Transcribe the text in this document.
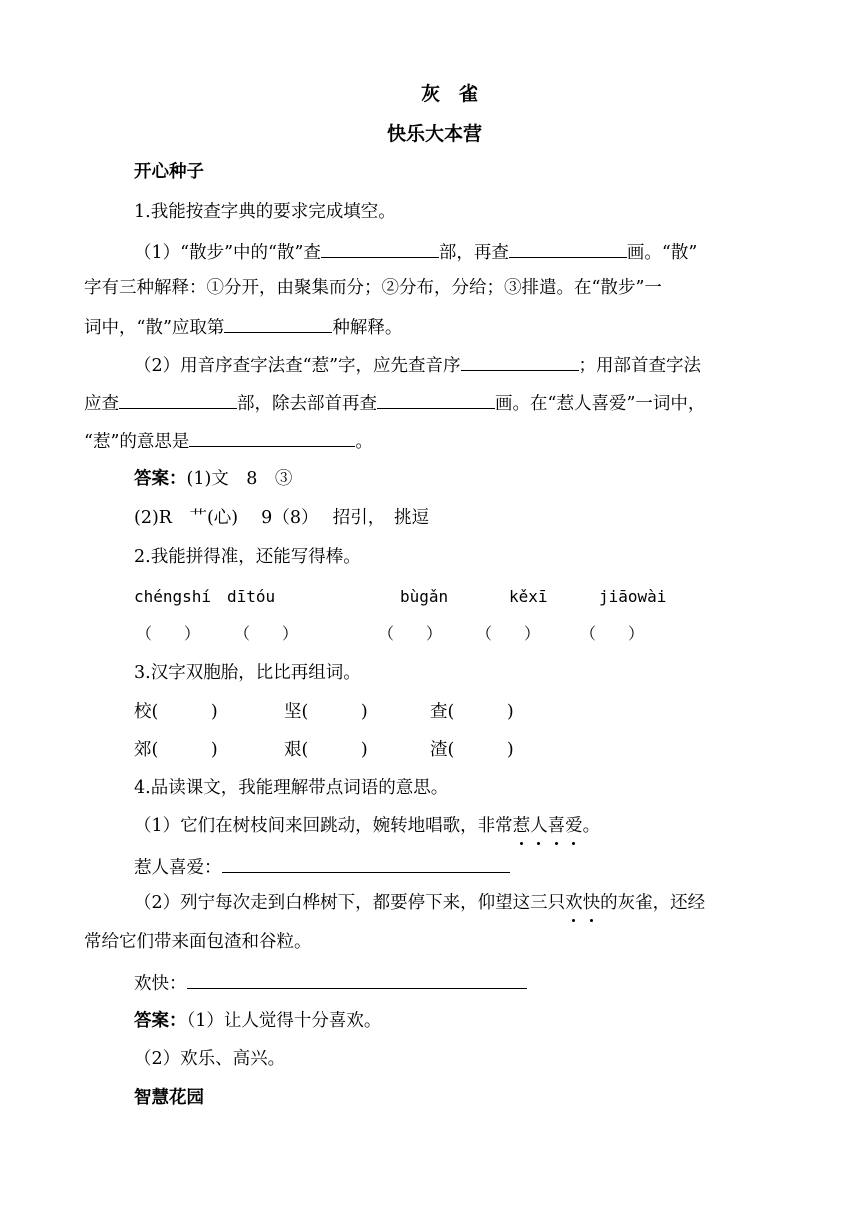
灰　雀
快乐大本营
开心种子
1.我能按查字典的要求完成填空。
（1）“散步”中的“散”查	部，再查	画。“散”
字有三种解释：①分开，由聚集而分；②分布，分给；③排遣。在“散步”一
词中，“散”应取第	种解释。
（2）用音序查字法查“惹”字，应先查音序	；用部首查字法
应查	部，除去部首再查	画。在“惹人喜爱”一词中，
“惹”的意思是	。
答案：(1)文　8　③
(2)R　艹(心)　 9（8）　 招引，　挑逗
2.我能拼得准，还能写得棒。
chéngshí dītóu	bùgǎn	kěxī	jiāowài
（　　） （　　）	（　　） （　　） （　　）
3.汉字双胞胎，比比再组词。
校(　　　)	坚(　　　)	查(　　　)
郊(　　　)	艰(　　　)	渣(　　　)
4.品读课文，我能理解带点词语的意思。
（1）它们在树枝间来回跳动，婉转地唱歌，非常惹人喜爱。
惹人喜爱：
（2）列宁每次走到白桦树下，都要停下来，仰望这三只欢快的灰雀，还经
常给它们带来面包渣和谷粒。
欢快：
答案：（1）让人觉得十分喜欢。
（2）欢乐、高兴。
智慧花园
